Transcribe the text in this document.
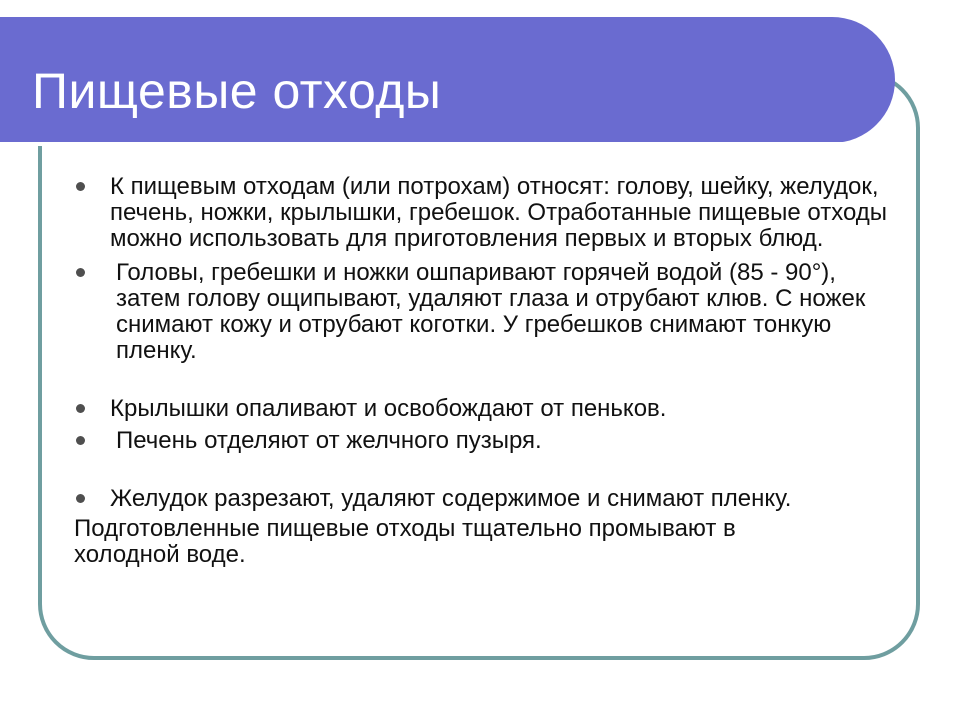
Пищевые отходы
К пищевым отходам (или потрохам) относят: голову, шейку, желудок, печень, ножки, крылышки, гребешок. Отработанные пищевые отходы можно использовать для приготовления первых и вторых блюд.
Головы, гребешки и ножки ошпаривают горячей водой (85 - 90°), затем голову ощипывают, удаляют глаза и отрубают клюв. С ножек снимают кожу и отрубают коготки. У гребешков снимают тонкую пленку.
Крылышки опаливают и освобождают от пеньков.
Печень отделяют от желчного пузыря.
Желудок разрезают, удаляют содержимое и снимают пленку.
Подготовленные пищевые отходы тщательно промывают в холодной воде.
